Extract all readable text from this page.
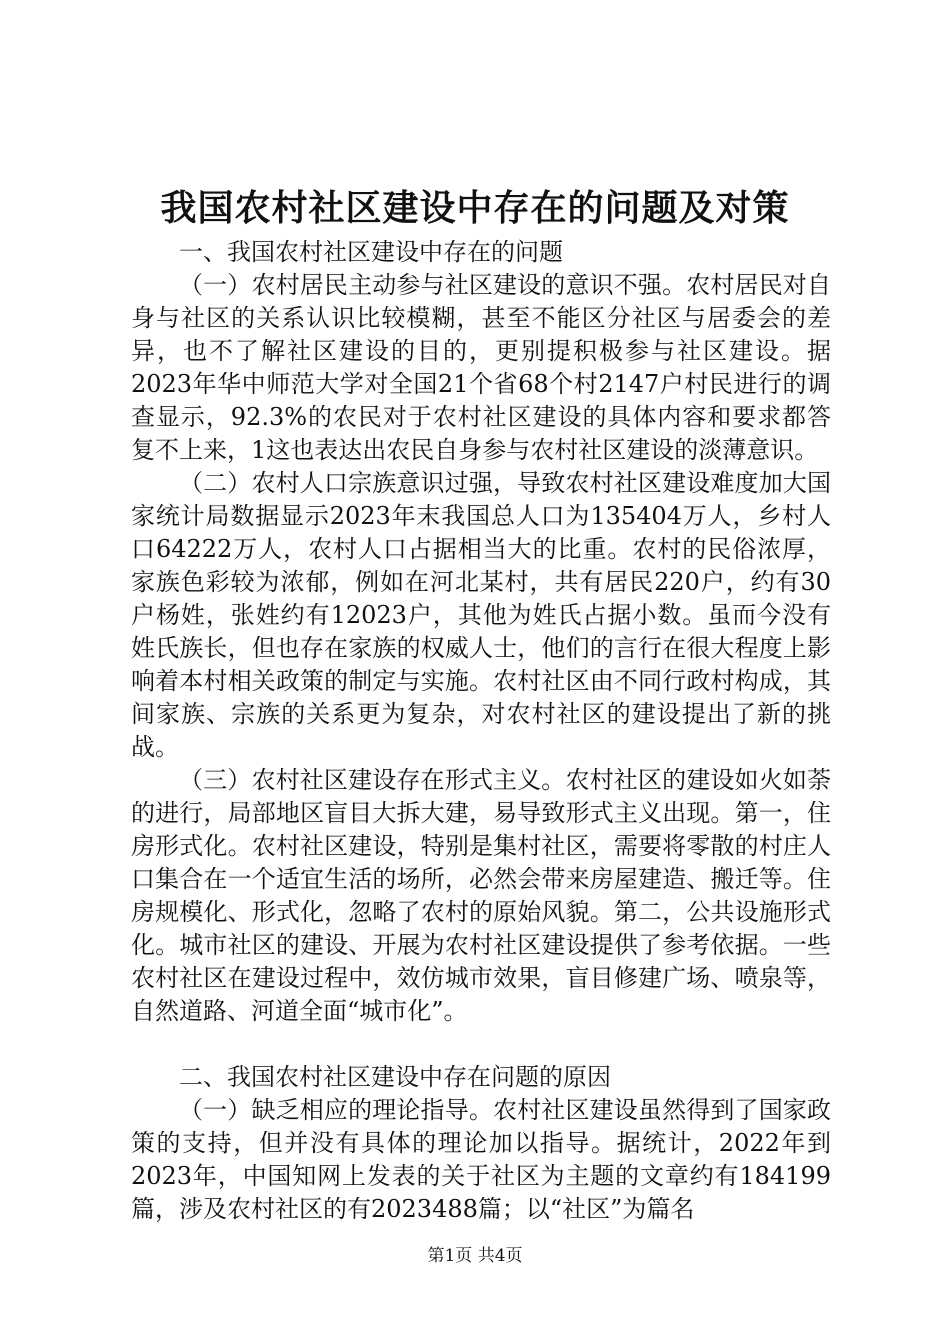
我国农村社区建设中存在的问题及对策

一、我国农村社区建设中存在的问题

（一）农村居民主动参与社区建设的意识不强。农村居民对自身与社区的关系认识比较模糊，甚至不能区分社区与居委会的差异，也不了解社区建设的目的，更别提积极参与社区建设。据2023年华中师范大学对全国21个省68个村2147户村民进行的调查显示，92.3%的农民对于农村社区建设的具体内容和要求都答复不上来，1这也表达出农民自身参与农村社区建设的淡薄意识。

（二）农村人口宗族意识过强，导致农村社区建设难度加大国家统计局数据显示2023年末我国总人口为135404万人，乡村人口64222万人，农村人口占据相当大的比重。农村的民俗浓厚，家族色彩较为浓郁，例如在河北某村，共有居民220户，约有30户杨姓，张姓约有12023户，其他为姓氏占据小数。虽而今没有姓氏族长，但也存在家族的权威人士，他们的言行在很大程度上影响着本村相关政策的制定与实施。农村社区由不同行政村构成，其间家族、宗族的关系更为复杂，对农村社区的建设提出了新的挑战。

（三）农村社区建设存在形式主义。农村社区的建设如火如荼的进行，局部地区盲目大拆大建，易导致形式主义出现。第一，住房形式化。农村社区建设，特别是集村社区，需要将零散的村庄人口集合在一个适宜生活的场所，必然会带来房屋建造、搬迁等。住房规模化、形式化，忽略了农村的原始风貌。第二，公共设施形式化。城市社区的建设、开展为农村社区建设提供了参考依据。一些农村社区在建设过程中，效仿城市效果，盲目修建广场、喷泉等，自然道路、河道全面“城市化”。

二、我国农村社区建设中存在问题的原因

（一）缺乏相应的理论指导。农村社区建设虽然得到了国家政策的支持，但并没有具体的理论加以指导。据统计，2022年到2023年，中国知网上发表的关于社区为主题的文章约有184199篇，涉及农村社区的有2023488篇；以“社区”为篇名

第1页 共4页
